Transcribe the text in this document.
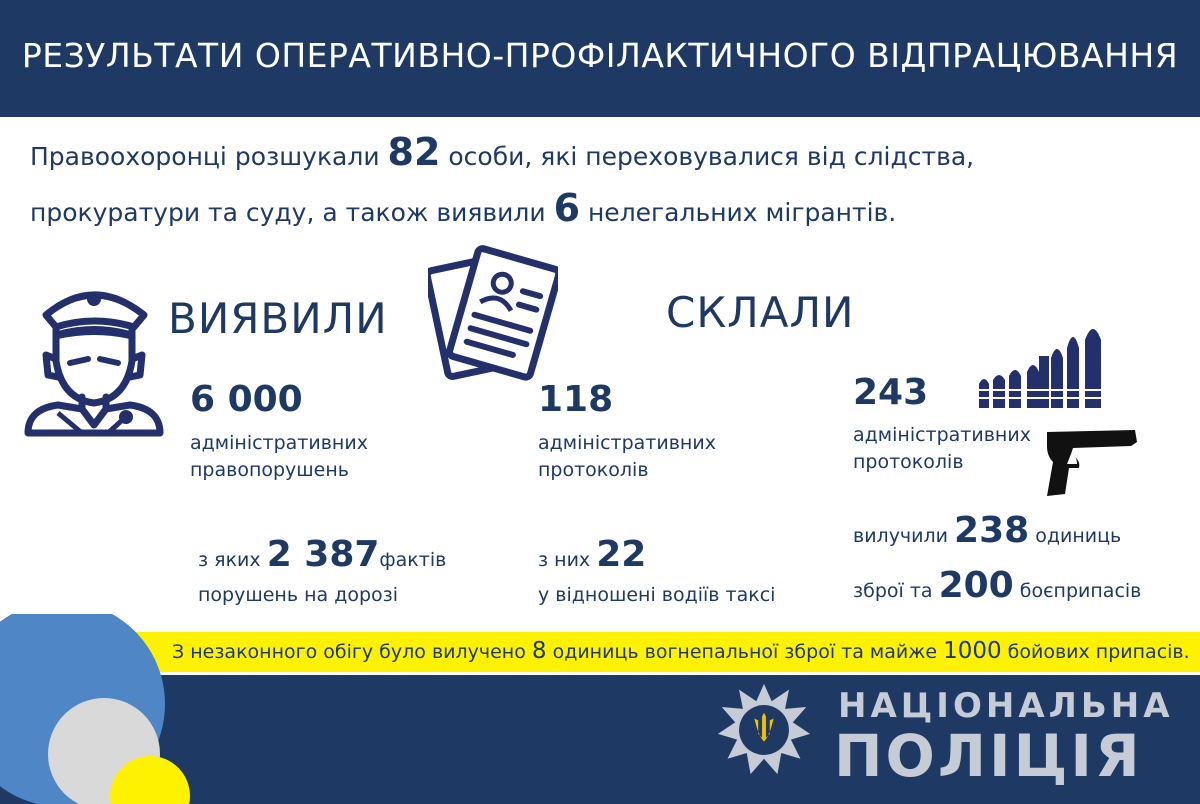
РЕЗУЛЬТАТИ ОПЕРАТИВНО-ПРОФІЛАКТИЧНОГО ВІДПРАЦЮВАННЯ
Правоохоронці розшукали 82 особи, які переховувалися від слідства,
прокуратури та суду, а також виявили 6 нелегальних мігрантів.
ВИЯВИЛИ	СКЛАЛИ
6 000
адміністративних
правопорушень
з яких 2 387фактів
порушень на дорозі
118
адміністративних
протоколів
з них 22
у відношені водіїв таксі
243
адміністративних
протоколів
вилучили 238 одиниць
зброї та 200 боєприпасів
З незаконного обігу було вилучено 8 одиниць вогнепальної зброї та майже 1000 бойових припасів.
НАЦІОНАЛЬНА
ПОЛІЦІЯ
